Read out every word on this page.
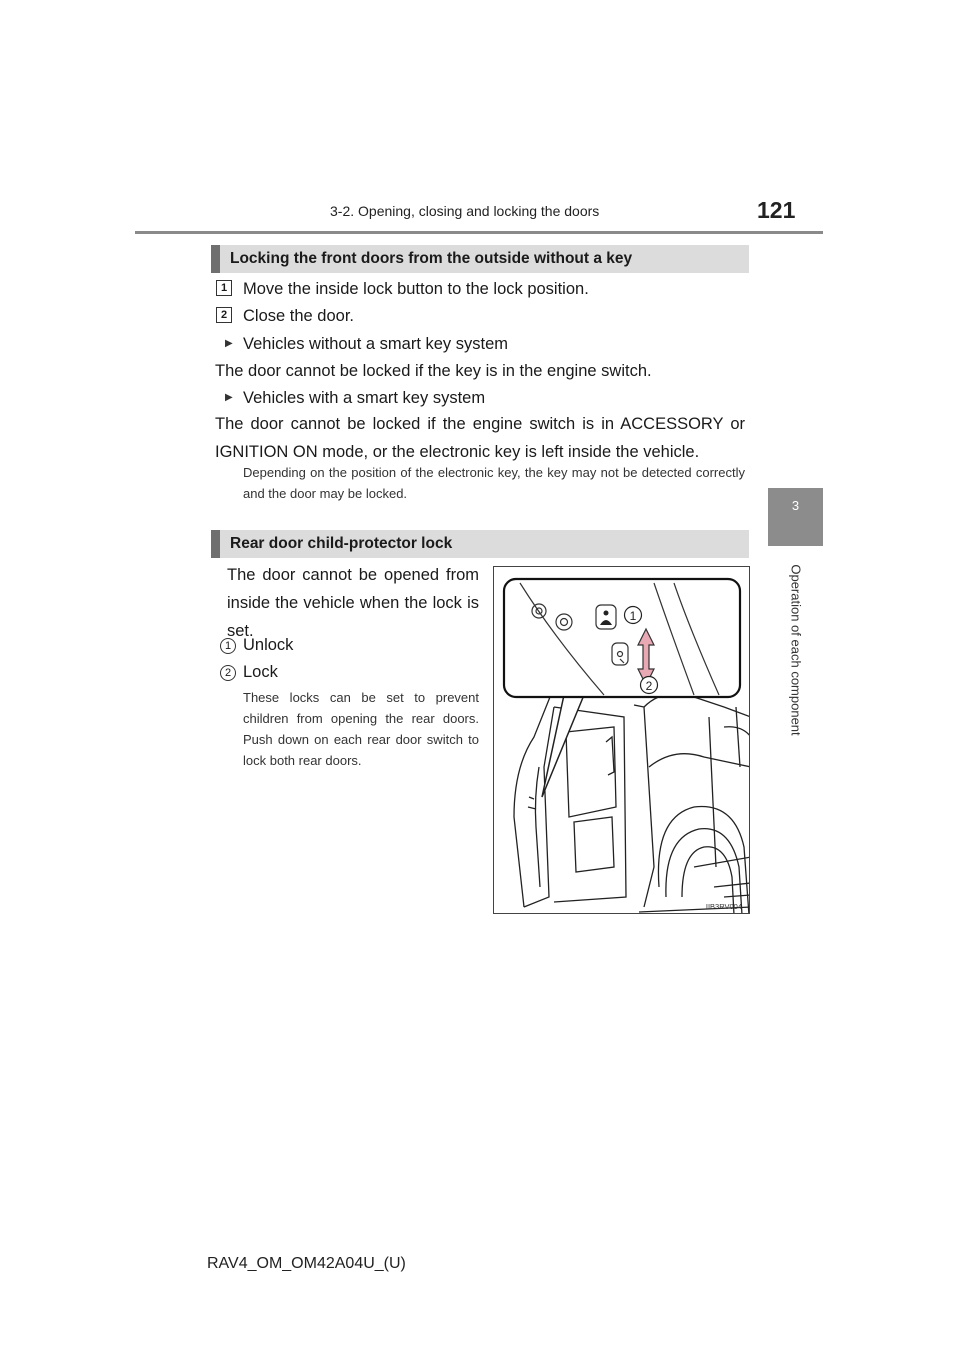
3-2. Opening, closing and locking the doors	121
3
Operation of each component
Locking the front doors from the outside without a key
1 Move the inside lock button to the lock position.
2 Close the door.
▶ Vehicles without a smart key system
The door cannot be locked if the key is in the engine switch.
▶ Vehicles with a smart key system
The door cannot be locked if the engine switch is in ACCESSORY or IGNITION ON mode, or the electronic key is left inside the vehicle.
Depending on the position of the electronic key, the key may not be detected correctly and the door may be locked.
Rear door child-protector lock
The door cannot be opened from inside the vehicle when the lock is set.
1 Unlock
2 Lock
These locks can be set to prevent children from opening the rear doors. Push down on each rear door switch to lock both rear doors.
1
2
IIB3RV004
RAV4_OM_OM42A04U_(U)
